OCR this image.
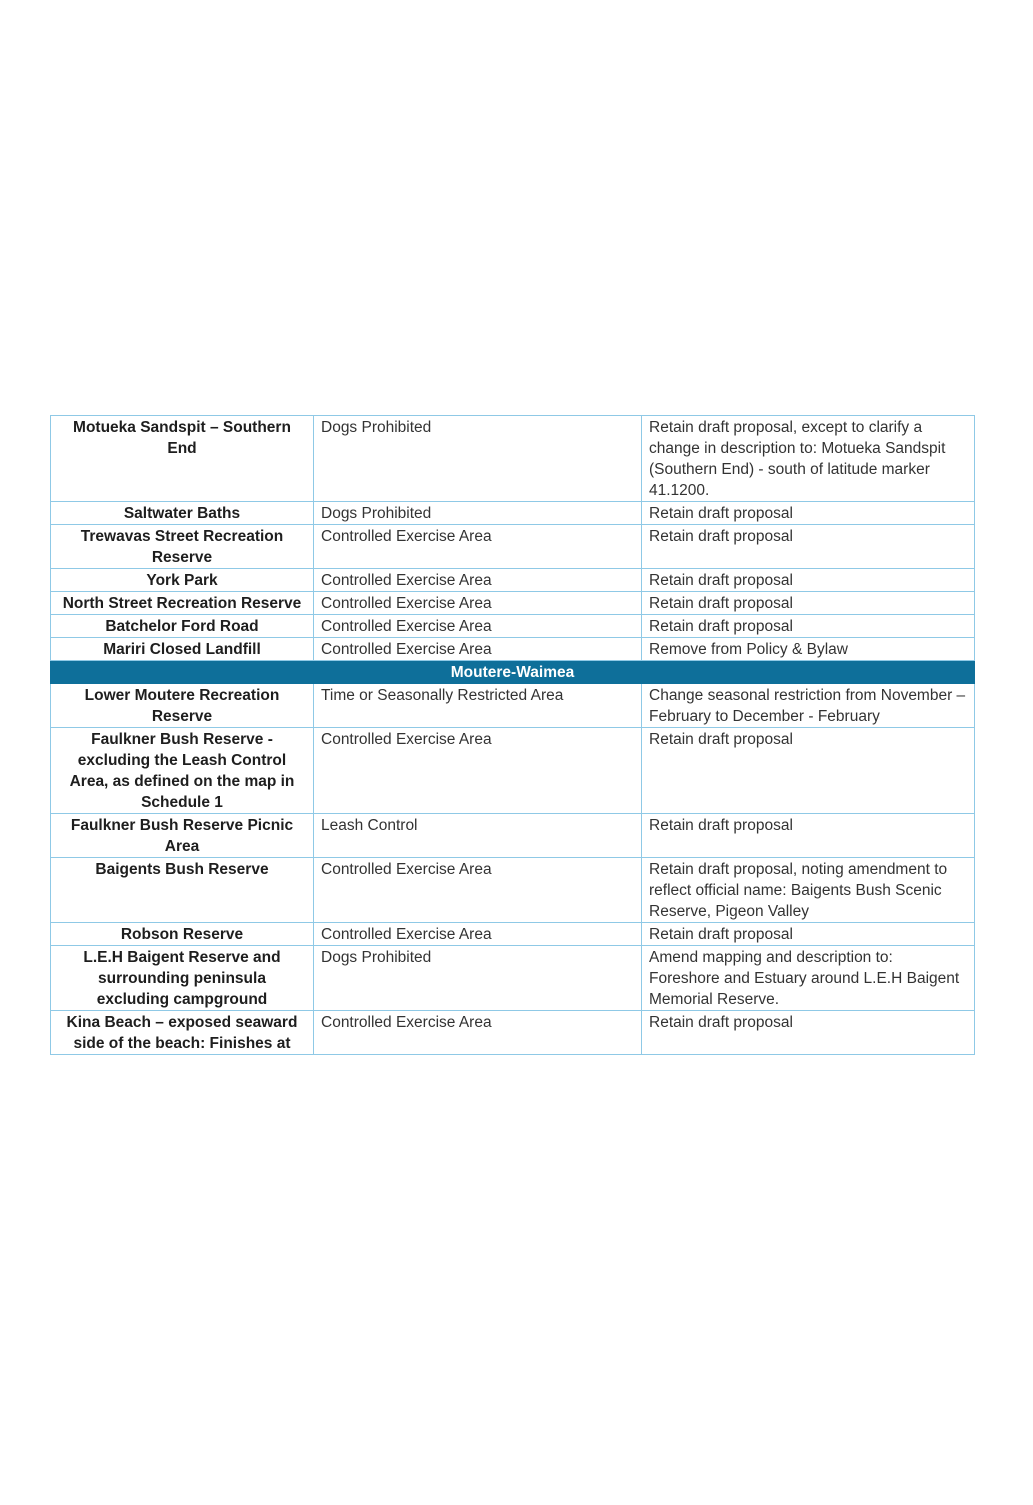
Motueka Sandspit – Southern End	Dogs Prohibited	Retain draft proposal, except to clarify a change in description to: Motueka Sandspit (Southern End) - south of latitude marker 41.1200.
Saltwater Baths	Dogs Prohibited	Retain draft proposal
Trewavas Street Recreation Reserve	Controlled Exercise Area	Retain draft proposal
York Park	Controlled Exercise Area	Retain draft proposal
North Street Recreation Reserve	Controlled Exercise Area	Retain draft proposal
Batchelor Ford Road	Controlled Exercise Area	Retain draft proposal
Mariri Closed Landfill	Controlled Exercise Area	Remove from Policy & Bylaw
Moutere-Waimea		
Lower Moutere Recreation Reserve	Time or Seasonally Restricted Area	Change seasonal restriction from November – February to December - February
Faulkner Bush Reserve - excluding the Leash Control Area, as defined on the map in Schedule 1	Controlled Exercise Area	Retain draft proposal
Faulkner Bush Reserve Picnic Area	Leash Control	Retain draft proposal
Baigents Bush Reserve	Controlled Exercise Area	Retain draft proposal, noting amendment to reflect official name: Baigents Bush Scenic Reserve, Pigeon Valley
Robson Reserve	Controlled Exercise Area	Retain draft proposal
L.E.H Baigent Reserve and surrounding peninsula excluding campground	Dogs Prohibited	Amend mapping and description to: Foreshore and Estuary around L.E.H Baigent Memorial Reserve.
Kina Beach – exposed seaward side of the beach: Finishes at	Controlled Exercise Area	Retain draft proposal
